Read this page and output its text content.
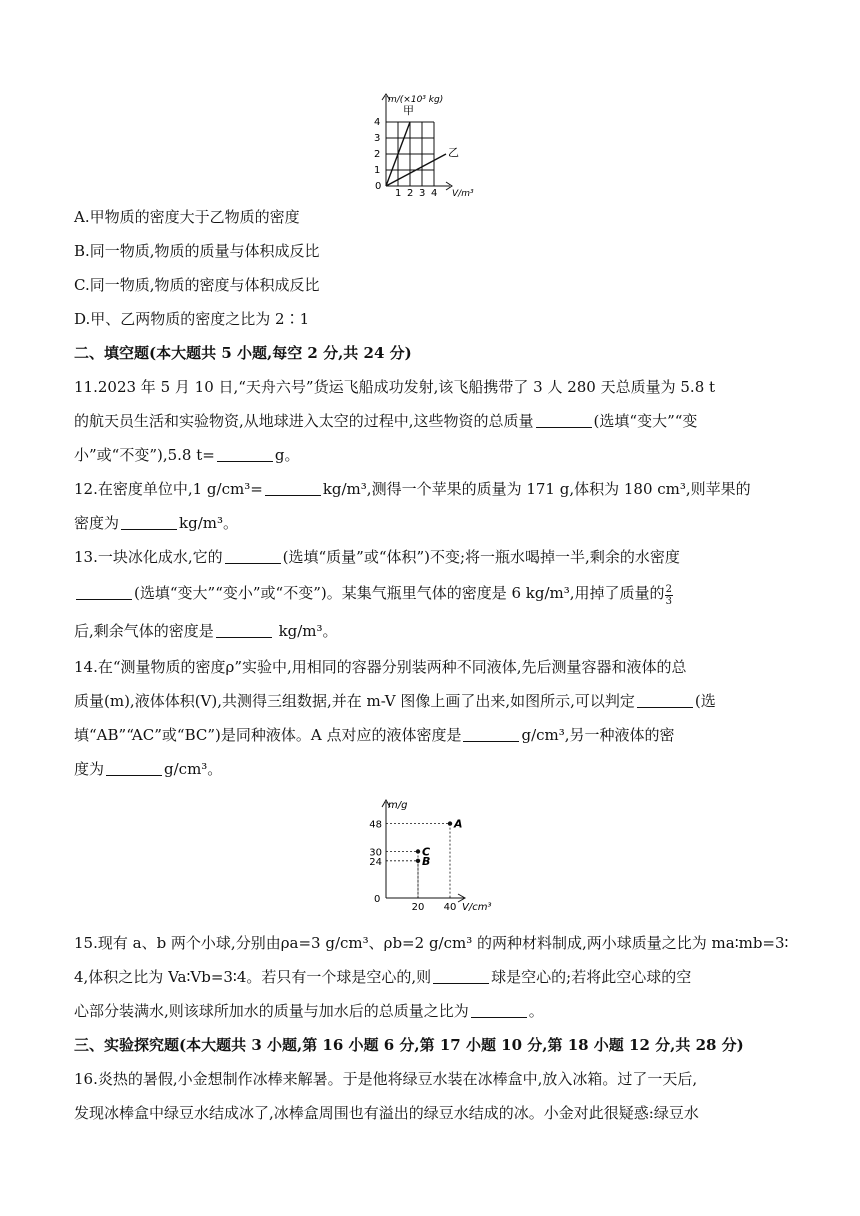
m/(×10³ kg)
4
3
2
1
0
1 2 3 4 V/m³
甲
乙
A.甲物质的密度大于乙物质的密度
B.同一物质,物质的质量与体积成反比
C.同一物质,物质的密度与体积成反比
D.甲、乙两物质的密度之比为 2∶1
二、填空题(本大题共 5 小题,每空 2 分,共 24 分)
11.2023 年 5 月 10 日,“天舟六号”货运飞船成功发射,该飞船携带了 3 人 280 天总质量为 5.8 t
的航天员生活和实验物资,从地球进入太空的过程中,这些物资的总质量	(选填“变大”“变
小”或“不变”),5.8 t=	g。
12.在密度单位中,1 g/cm³=	kg/m³,测得一个苹果的质量为 171 g,体积为 180 cm³,则苹果的
密度为	kg/m³。
13.一块冰化成水,它的	(选填“质量”或“体积”)不变;将一瓶水喝掉一半,剩余的水密度
(选填“变大”“变小”或“不变”)。某集气瓶里气体的密度是 6 kg/m³,用掉了质量的 $\frac{2}{3}$
后,剩余气体的密度是	kg/m³。
14.在“测量物质的密度ρ”实验中,用相同的容器分别装两种不同液体,先后测量容器和液体的总
质量(m),液体体积(V),共测得三组数据,并在 m-V 图像上画了出来,如图所示,可以判定	(选
填“AB”“AC”或“BC”)是同种液体。A 点对应的液体密度是	g/cm³,另一种液体的密
度为	g/cm³。
A
C
B
m/g
48
30
24
0
20 40 V/cm³
15.现有 a、b 两个小球,分别由ρa=3 g/cm³、ρb=2 g/cm³ 的两种材料制成,两小球质量之比为 ma∶mb=3∶
4,体积之比为 Va∶Vb=3∶4。若只有一个球是空心的,则	球是空心的;若将此空心球的空
心部分装满水,则该球所加水的质量与加水后的总质量之比为	。
三、实验探究题(本大题共 3 小题,第 16 小题 6 分,第 17 小题 10 分,第 18 小题 12 分,共 28 分)
16.炎热的暑假,小金想制作冰棒来解暑。于是他将绿豆水装在冰棒盒中,放入冰箱。过了一天后,
发现冰棒盒中绿豆水结成冰了,冰棒盒周围也有溢出的绿豆水结成的冰。小金对此很疑惑:绿豆水
